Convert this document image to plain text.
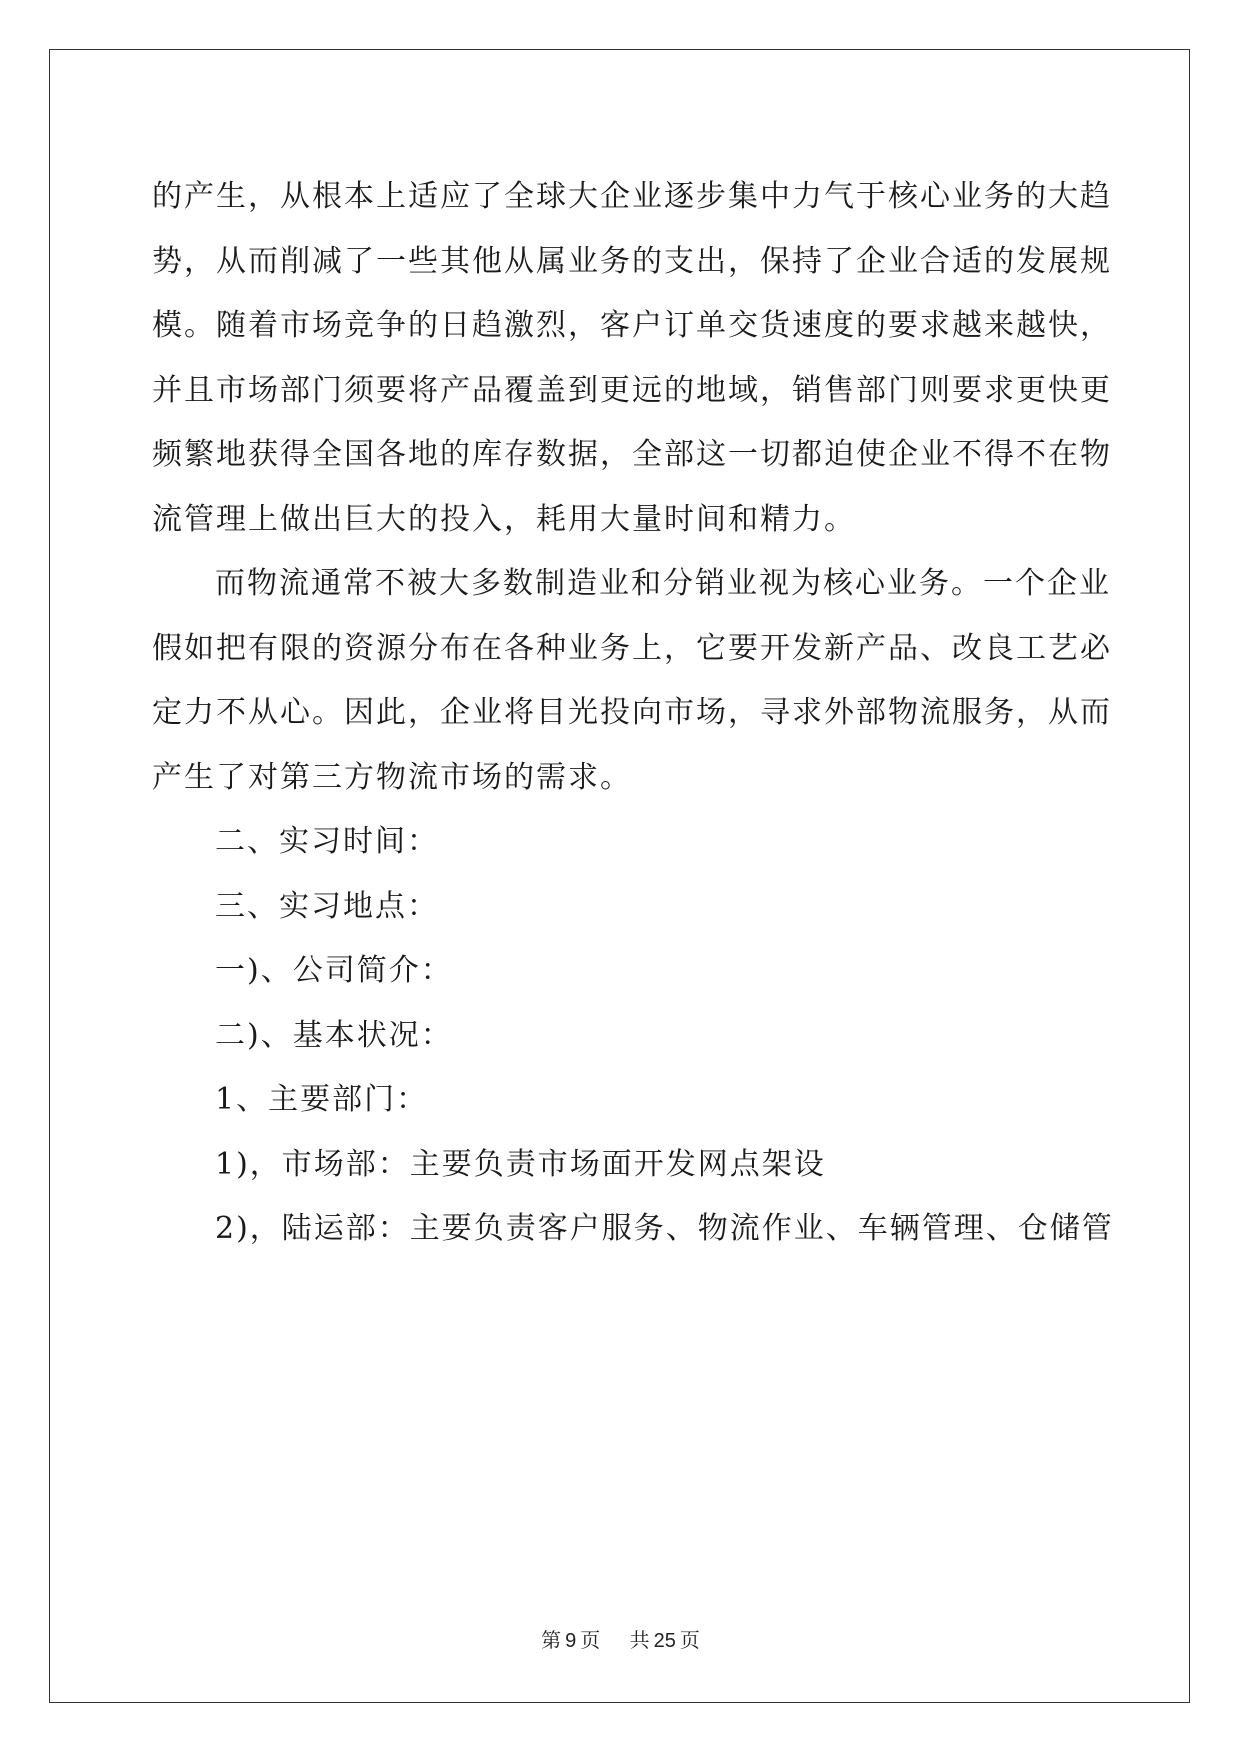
的产生，从根本上适应了全球大企业逐步集中力气于核心业务的大趋
势，从而削减了一些其他从属业务的支出，保持了企业合适的发展规
模。随着市场竞争的日趋激烈，客户订单交货速度的要求越来越快，
并且市场部门须要将产品覆盖到更远的地域，销售部门则要求更快更
频繁地获得全国各地的库存数据，全部这一切都迫使企业不得不在物
流管理上做出巨大的投入，耗用大量时间和精力。
而物流通常不被大多数制造业和分销业视为核心业务。一个企业
假如把有限的资源分布在各种业务上，它要开发新产品、改良工艺必
定力不从心。因此，企业将目光投向市场，寻求外部物流服务，从而
产生了对第三方物流市场的需求。
二、实习时间：
三、实习地点：
一)、公司简介：
二)、基本状况：
1、主要部门：
1)，市场部：主要负责市场面开发网点架设
2)，陆运部：主要负责客户服务、物流作业、车辆管理、仓储管
第 9 页 共 25 页
